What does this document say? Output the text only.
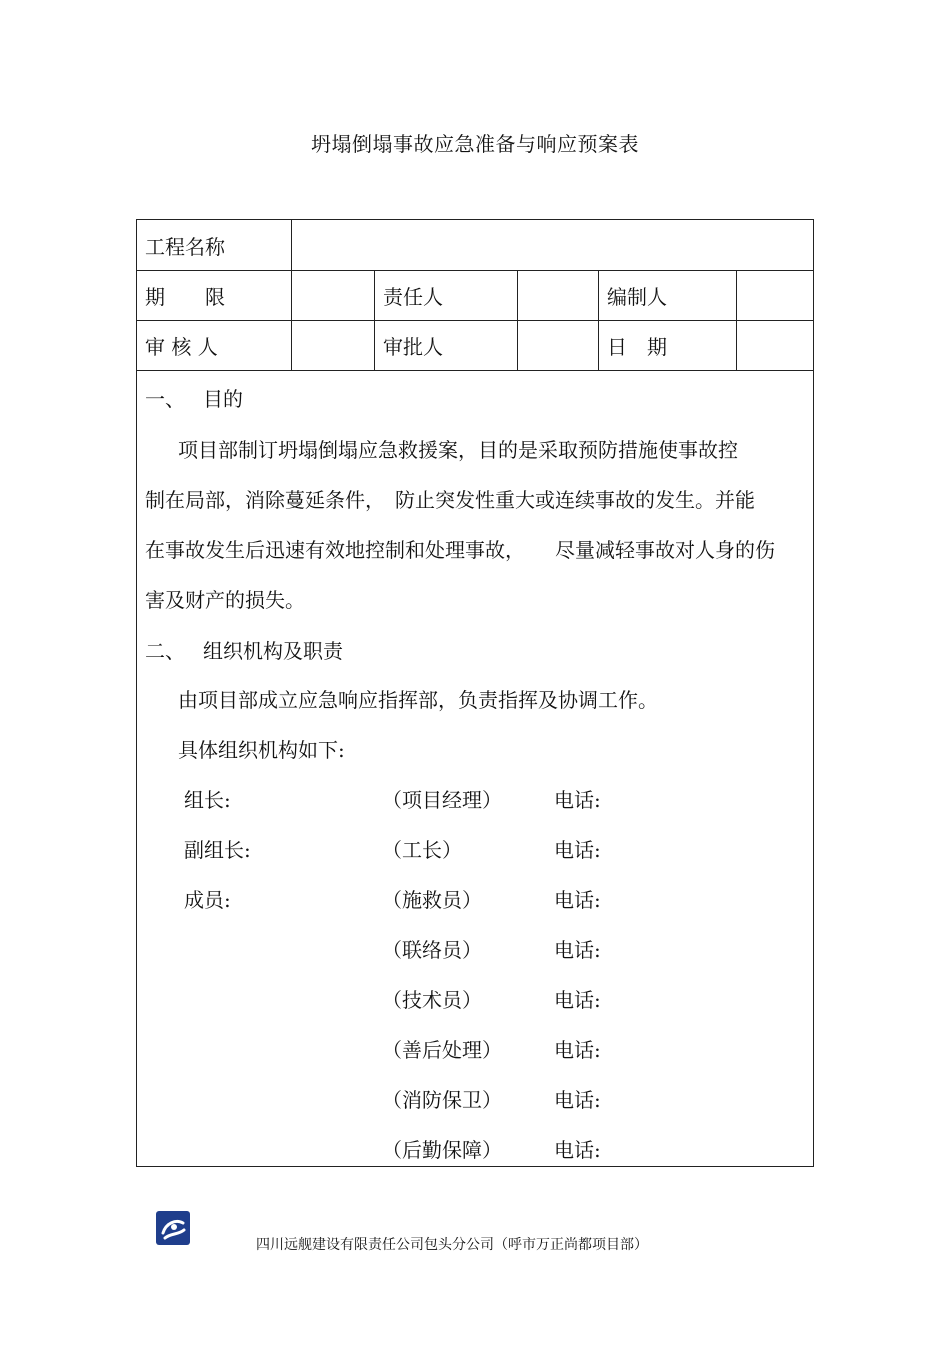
坍塌倒塌事故应急准备与响应预案表
工程名称
期　　限	责任人	编制人
审 核 人	审批人	日　期
一、 目的
项目部制订坍塌倒塌应急救援案，目的是采取预防措施使事故控
制在局部，消除蔓延条件，　防止突发性重大或连续事故的发生。并能
在事故发生后迅速有效地控制和处理事故，　　尽量减轻事故对人身的伤
害及财产的损失。
二、 组织机构及职责
由项目部成立应急响应指挥部，负责指挥及协调工作。
具体组织机构如下:
组长:	（项目经理）	电话:
副组长:	（工长）	电话:
成员:	（施救员）	电话:
（联络员）	电话:
（技术员）	电话:
（善后处理）	电话:
（消防保卫）	电话:
（后勤保障）	电话:
四川远舰建设有限责任公司包头分公司（呼市万正尚都项目部）
